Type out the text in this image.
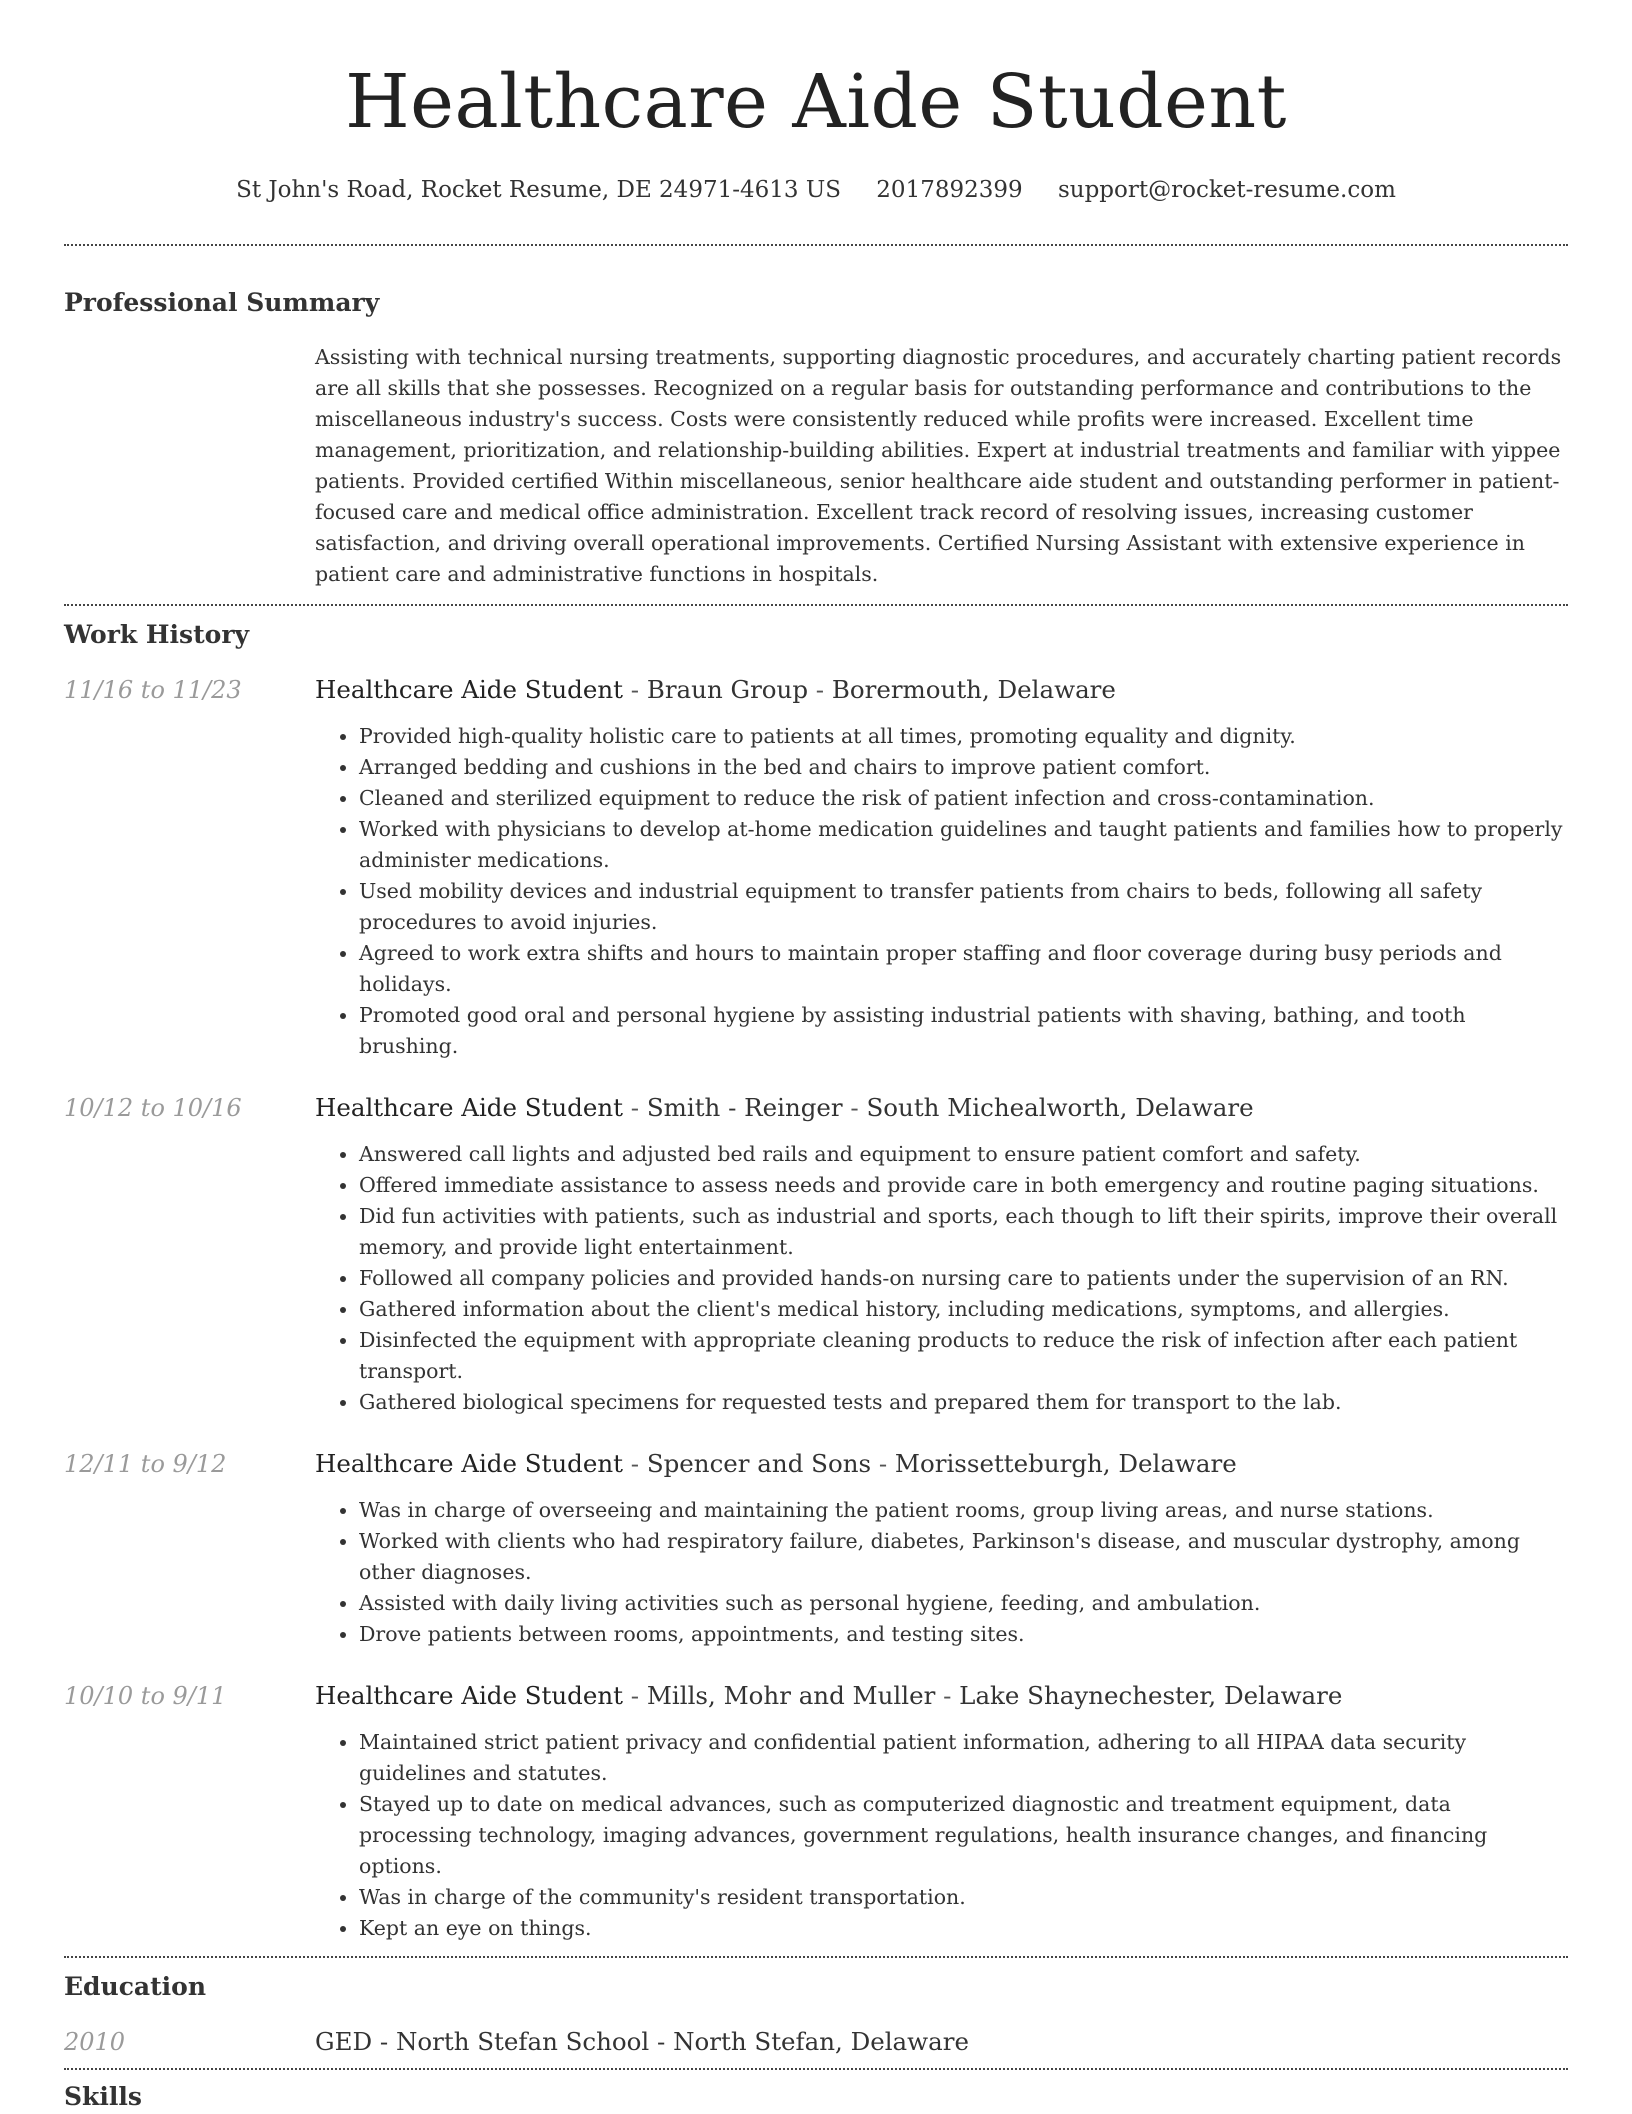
Healthcare Aide Student
St John's Road, Rocket Resume, DE 24971-4613 US 2017892399 support@rocket-resume.com
Professional Summary
Assisting with technical nursing treatments, supporting diagnostic procedures, and accurately charting patient records are all skills that she possesses. Recognized on a regular basis for outstanding performance and contributions to the miscellaneous industry's success. Costs were consistently reduced while profits were increased. Excellent time management, prioritization, and relationship-building abilities. Expert at industrial treatments and familiar with yippee patients. Provided certified Within miscellaneous, senior healthcare aide student and outstanding performer in patient-focused care and medical office administration. Excellent track record of resolving issues, increasing customer satisfaction, and driving overall operational improvements. Certified Nursing Assistant with extensive experience in patient care and administrative functions in hospitals.
Work History
11/16 to 11/23	Healthcare Aide Student - Braun Group - Borermouth, Delaware
• Provided high-quality holistic care to patients at all times, promoting equality and dignity.
• Arranged bedding and cushions in the bed and chairs to improve patient comfort.
• Cleaned and sterilized equipment to reduce the risk of patient infection and cross-contamination.
• Worked with physicians to develop at-home medication guidelines and taught patients and families how to properly administer medications.
• Used mobility devices and industrial equipment to transfer patients from chairs to beds, following all safety procedures to avoid injuries.
• Agreed to work extra shifts and hours to maintain proper staffing and floor coverage during busy periods and holidays.
• Promoted good oral and personal hygiene by assisting industrial patients with shaving, bathing, and tooth brushing.
10/12 to 10/16	Healthcare Aide Student - Smith - Reinger - South Michealworth, Delaware
• Answered call lights and adjusted bed rails and equipment to ensure patient comfort and safety.
• Offered immediate assistance to assess needs and provide care in both emergency and routine paging situations.
• Did fun activities with patients, such as industrial and sports, each though to lift their spirits, improve their overall memory, and provide light entertainment.
• Followed all company policies and provided hands-on nursing care to patients under the supervision of an RN.
• Gathered information about the client's medical history, including medications, symptoms, and allergies.
• Disinfected the equipment with appropriate cleaning products to reduce the risk of infection after each patient transport.
• Gathered biological specimens for requested tests and prepared them for transport to the lab.
12/11 to 9/12	Healthcare Aide Student - Spencer and Sons - Morissetteburgh, Delaware
• Was in charge of overseeing and maintaining the patient rooms, group living areas, and nurse stations.
• Worked with clients who had respiratory failure, diabetes, Parkinson's disease, and muscular dystrophy, among other diagnoses.
• Assisted with daily living activities such as personal hygiene, feeding, and ambulation.
• Drove patients between rooms, appointments, and testing sites.
10/10 to 9/11	Healthcare Aide Student - Mills, Mohr and Muller - Lake Shaynechester, Delaware
• Maintained strict patient privacy and confidential patient information, adhering to all HIPAA data security guidelines and statutes.
• Stayed up to date on medical advances, such as computerized diagnostic and treatment equipment, data processing technology, imaging advances, government regulations, health insurance changes, and financing options.
• Was in charge of the community's resident transportation.
• Kept an eye on things.
Education
2010	GED - North Stefan School - North Stefan, Delaware
Skills
